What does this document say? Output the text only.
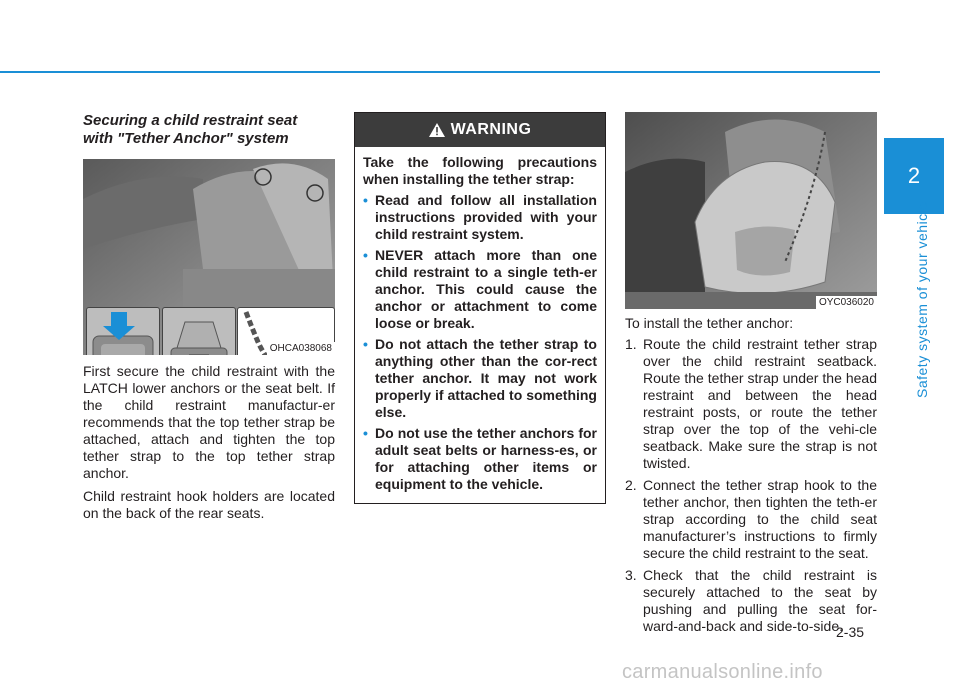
2
Safety system of your vehicle
Securing a child restraint seat
with "Tether Anchor" system
OHCA038068

First secure the child restraint with the LATCH lower anchors or the seat belt. If the child restraint manufactur-er recommends that the top tether strap be attached, attach and tighten the top tether strap to the top tether strap anchor.

Child restraint hook holders are located on the back of the rear seats.

WARNING

Take the following precautions when installing the tether strap:

• Read and follow all installation instructions provided with your child restraint system.
• NEVER attach more than one child restraint to a single teth-er anchor. This could cause the anchor or attachment to come loose or break.
• Do not attach the tether strap to anything other than the cor-rect tether anchor. It may not work properly if attached to something else.
• Do not use the tether anchors for adult seat belts or harness-es, or for attaching other items or equipment to the vehicle.
OYC036020

To install the tether anchor:

1. Route the child restraint tether strap over the child restraint seatback. Route the tether strap under the head restraint and between the head restraint posts, or route the tether strap over the top of the vehi-cle seatback. Make sure the strap is not twisted.
2. Connect the tether strap hook to the tether anchor, then tighten the teth-er strap according to the child seat manufacturer’s instructions to firmly secure the child restraint to the seat.
3. Check that the child restraint is securely attached to the seat by pushing and pulling the seat for-ward-and-back and side-to-side.
2-35
carmanualsonline.info
